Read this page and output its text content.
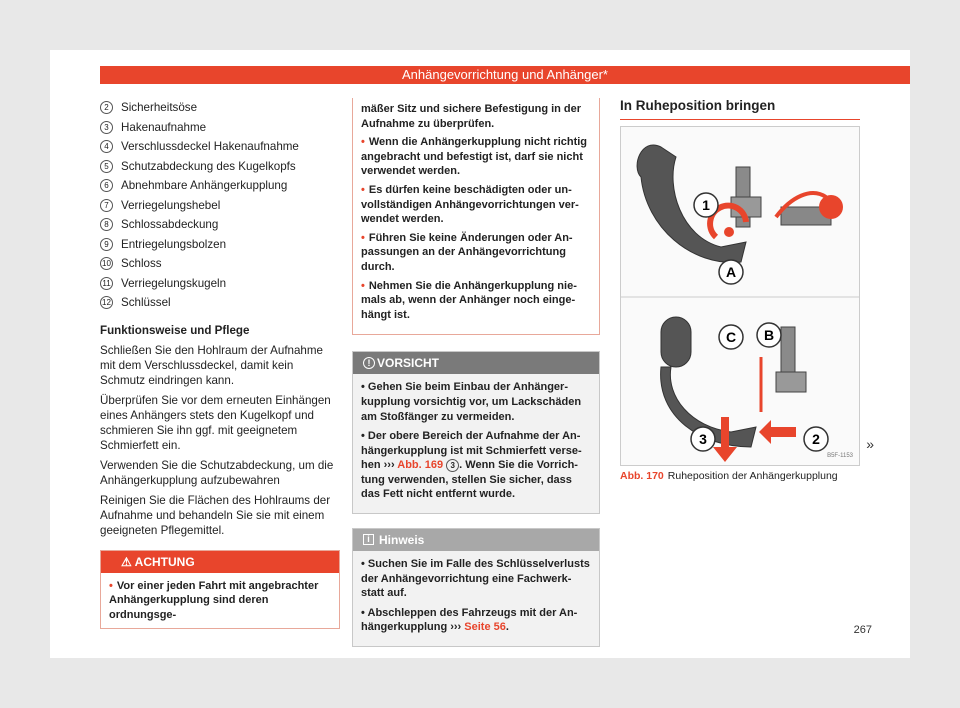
Anhängevorrichtung und Anhänger*
2	Sicherheitsöse
3	Hakenaufnahme
4	Verschlussdeckel Hakenaufnahme
5	Schutzabdeckung des Kugelkopfs
6	Abnehmbare Anhängerkupplung
7	Verriegelungshebel
8	Schlossabdeckung
9	Entriegelungsbolzen
10 Schloss
11 Verriegelungskugeln
12 Schlüssel
Funktionsweise und Pflege

Schließen Sie den Hohlraum der Aufnahme mit dem Verschlussdeckel, damit kein Schmutz eindringen kann.

Überprüfen Sie vor dem erneuten Einhängen eines Anhängers stets den Kugelkopf und schmieren Sie ihn ggf. mit geeignetem Schmierfett ein.

Verwenden Sie die Schutzabdeckung, um die Anhängerkupplung aufzubewahren

Reinigen Sie die Flächen des Hohlraums der Aufnahme und behandeln Sie sie mit einem geeigneten Pflegemittel.

⚠ ACHTUNG
• Vor einer jeden Fahrt mit angebrachter Anhängerkupplung sind deren ordnungsge-

mäßer Sitz und sichere Befestigung in der Aufnahme zu überprüfen.

• Wenn die Anhängerkupplung nicht richtig angebracht und befestigt ist, darf sie nicht verwendet werden.

• Es dürfen keine beschädigten oder un-vollständigen Anhängevorrichtungen ver-wendet werden.

• Führen Sie keine Änderungen oder An-passungen an der Anhängevorrichtung durch.

• Nehmen Sie die Anhängerkupplung nie-mals ab, wenn der Anhänger noch einge-hängt ist.

! VORSICHT

• Gehen Sie beim Einbau der Anhänger-kupplung vorsichtig vor, um Lackschäden am Stoßfänger zu vermeiden.

• Der obere Bereich der Aufnahme der An-hängerkupplung ist mit Schmierfett verse-hen ››› Abb. 169 3 . Wenn Sie die Vorrich-tung verwenden, stellen Sie sicher, dass das Fett nicht entfernt wurde.

i Hinweis

• Suchen Sie im Falle des Schlüsselverlusts der Anhängevorrichtung eine Fachwerk-statt auf.

• Abschleppen des Fahrzeugs mit der An-hängerkupplung ››› Seite 56.

In Ruheposition bringen
1
A
C B
3	2
B5F-1153
Abb. 170 Ruheposition der Anhängerkupplung
»
267
